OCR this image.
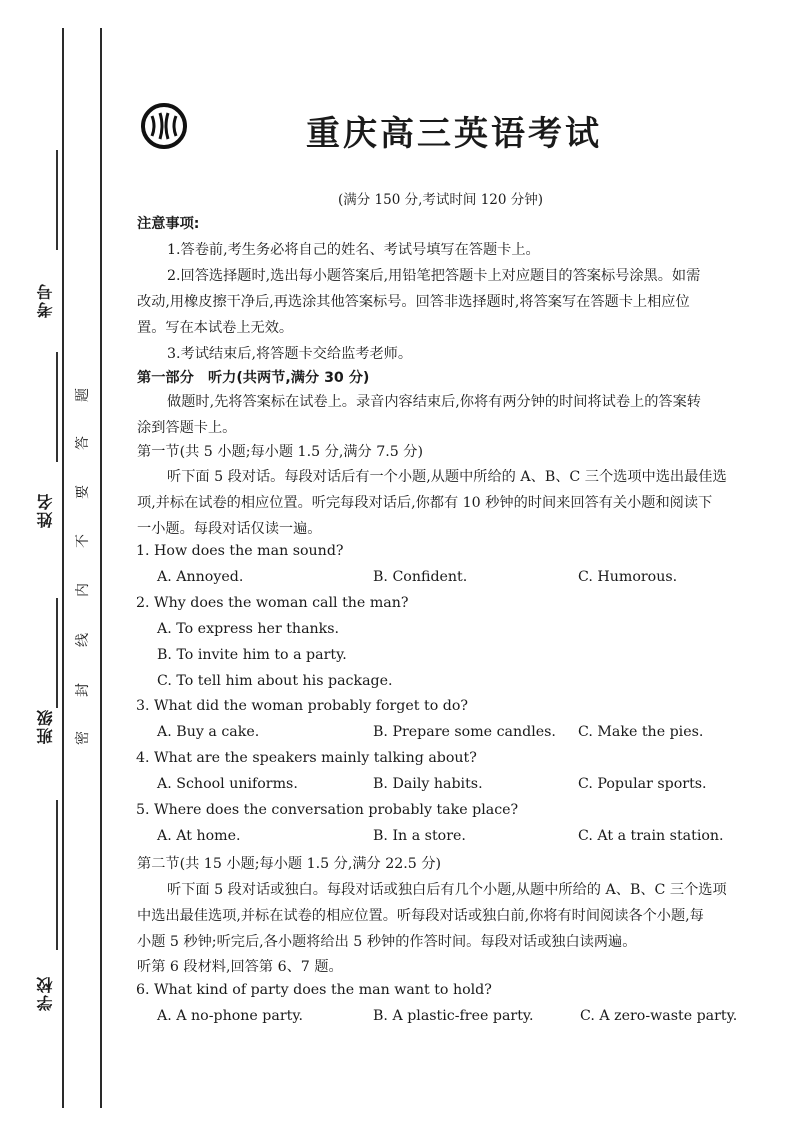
考号
姓名
班级
学校
题
答
要
不
内
线
封
密
重庆高三英语考试
(满分 150 分,考试时间 120 分钟)
注意事项:
1.答卷前,考生务必将自己的姓名、考试号填写在答题卡上。
2.回答选择题时,选出每小题答案后,用铅笔把答题卡上对应题目的答案标号涂黑。如需
改动,用橡皮擦干净后,再选涂其他答案标号。回答非选择题时,将答案写在答题卡上相应位
置。写在本试卷上无效。
3.考试结束后,将答题卡交给监考老师。
第一部分　听力(共两节,满分 30 分)
做题时,先将答案标在试卷上。录音内容结束后,你将有两分钟的时间将试卷上的答案转
涂到答题卡上。
第一节(共 5 小题;每小题 1.5 分,满分 7.5 分)
听下面 5 段对话。每段对话后有一个小题,从题中所给的 A、B、C 三个选项中选出最佳选
项,并标在试卷的相应位置。听完每段对话后,你都有 10 秒钟的时间来回答有关小题和阅读下
一小题。每段对话仅读一遍。
1. How does the man sound?
A. Annoyed.	B. Confident.	C. Humorous.
2. Why does the woman call the man?
A. To express her thanks.
B. To invite him to a party.
C. To tell him about his package.
3. What did the woman probably forget to do?
A. Buy a cake.	B. Prepare some candles. C. Make the pies.
4. What are the speakers mainly talking about?
A. School uniforms.	B. Daily habits.	C. Popular sports.
5. Where does the conversation probably take place?
A. At home.	B. In a store.	C. At a train station.
第二节(共 15 小题;每小题 1.5 分,满分 22.5 分)
听下面 5 段对话或独白。每段对话或独白后有几个小题,从题中所给的 A、B、C 三个选项
中选出最佳选项,并标在试卷的相应位置。听每段对话或独白前,你将有时间阅读各个小题,每
小题 5 秒钟;听完后,各小题将给出 5 秒钟的作答时间。每段对话或独白读两遍。
听第 6 段材料,回答第 6、7 题。
6. What kind of party does the man want to hold?
A. A no-phone party.	B. A plastic-free party.	C. A zero-waste party.
